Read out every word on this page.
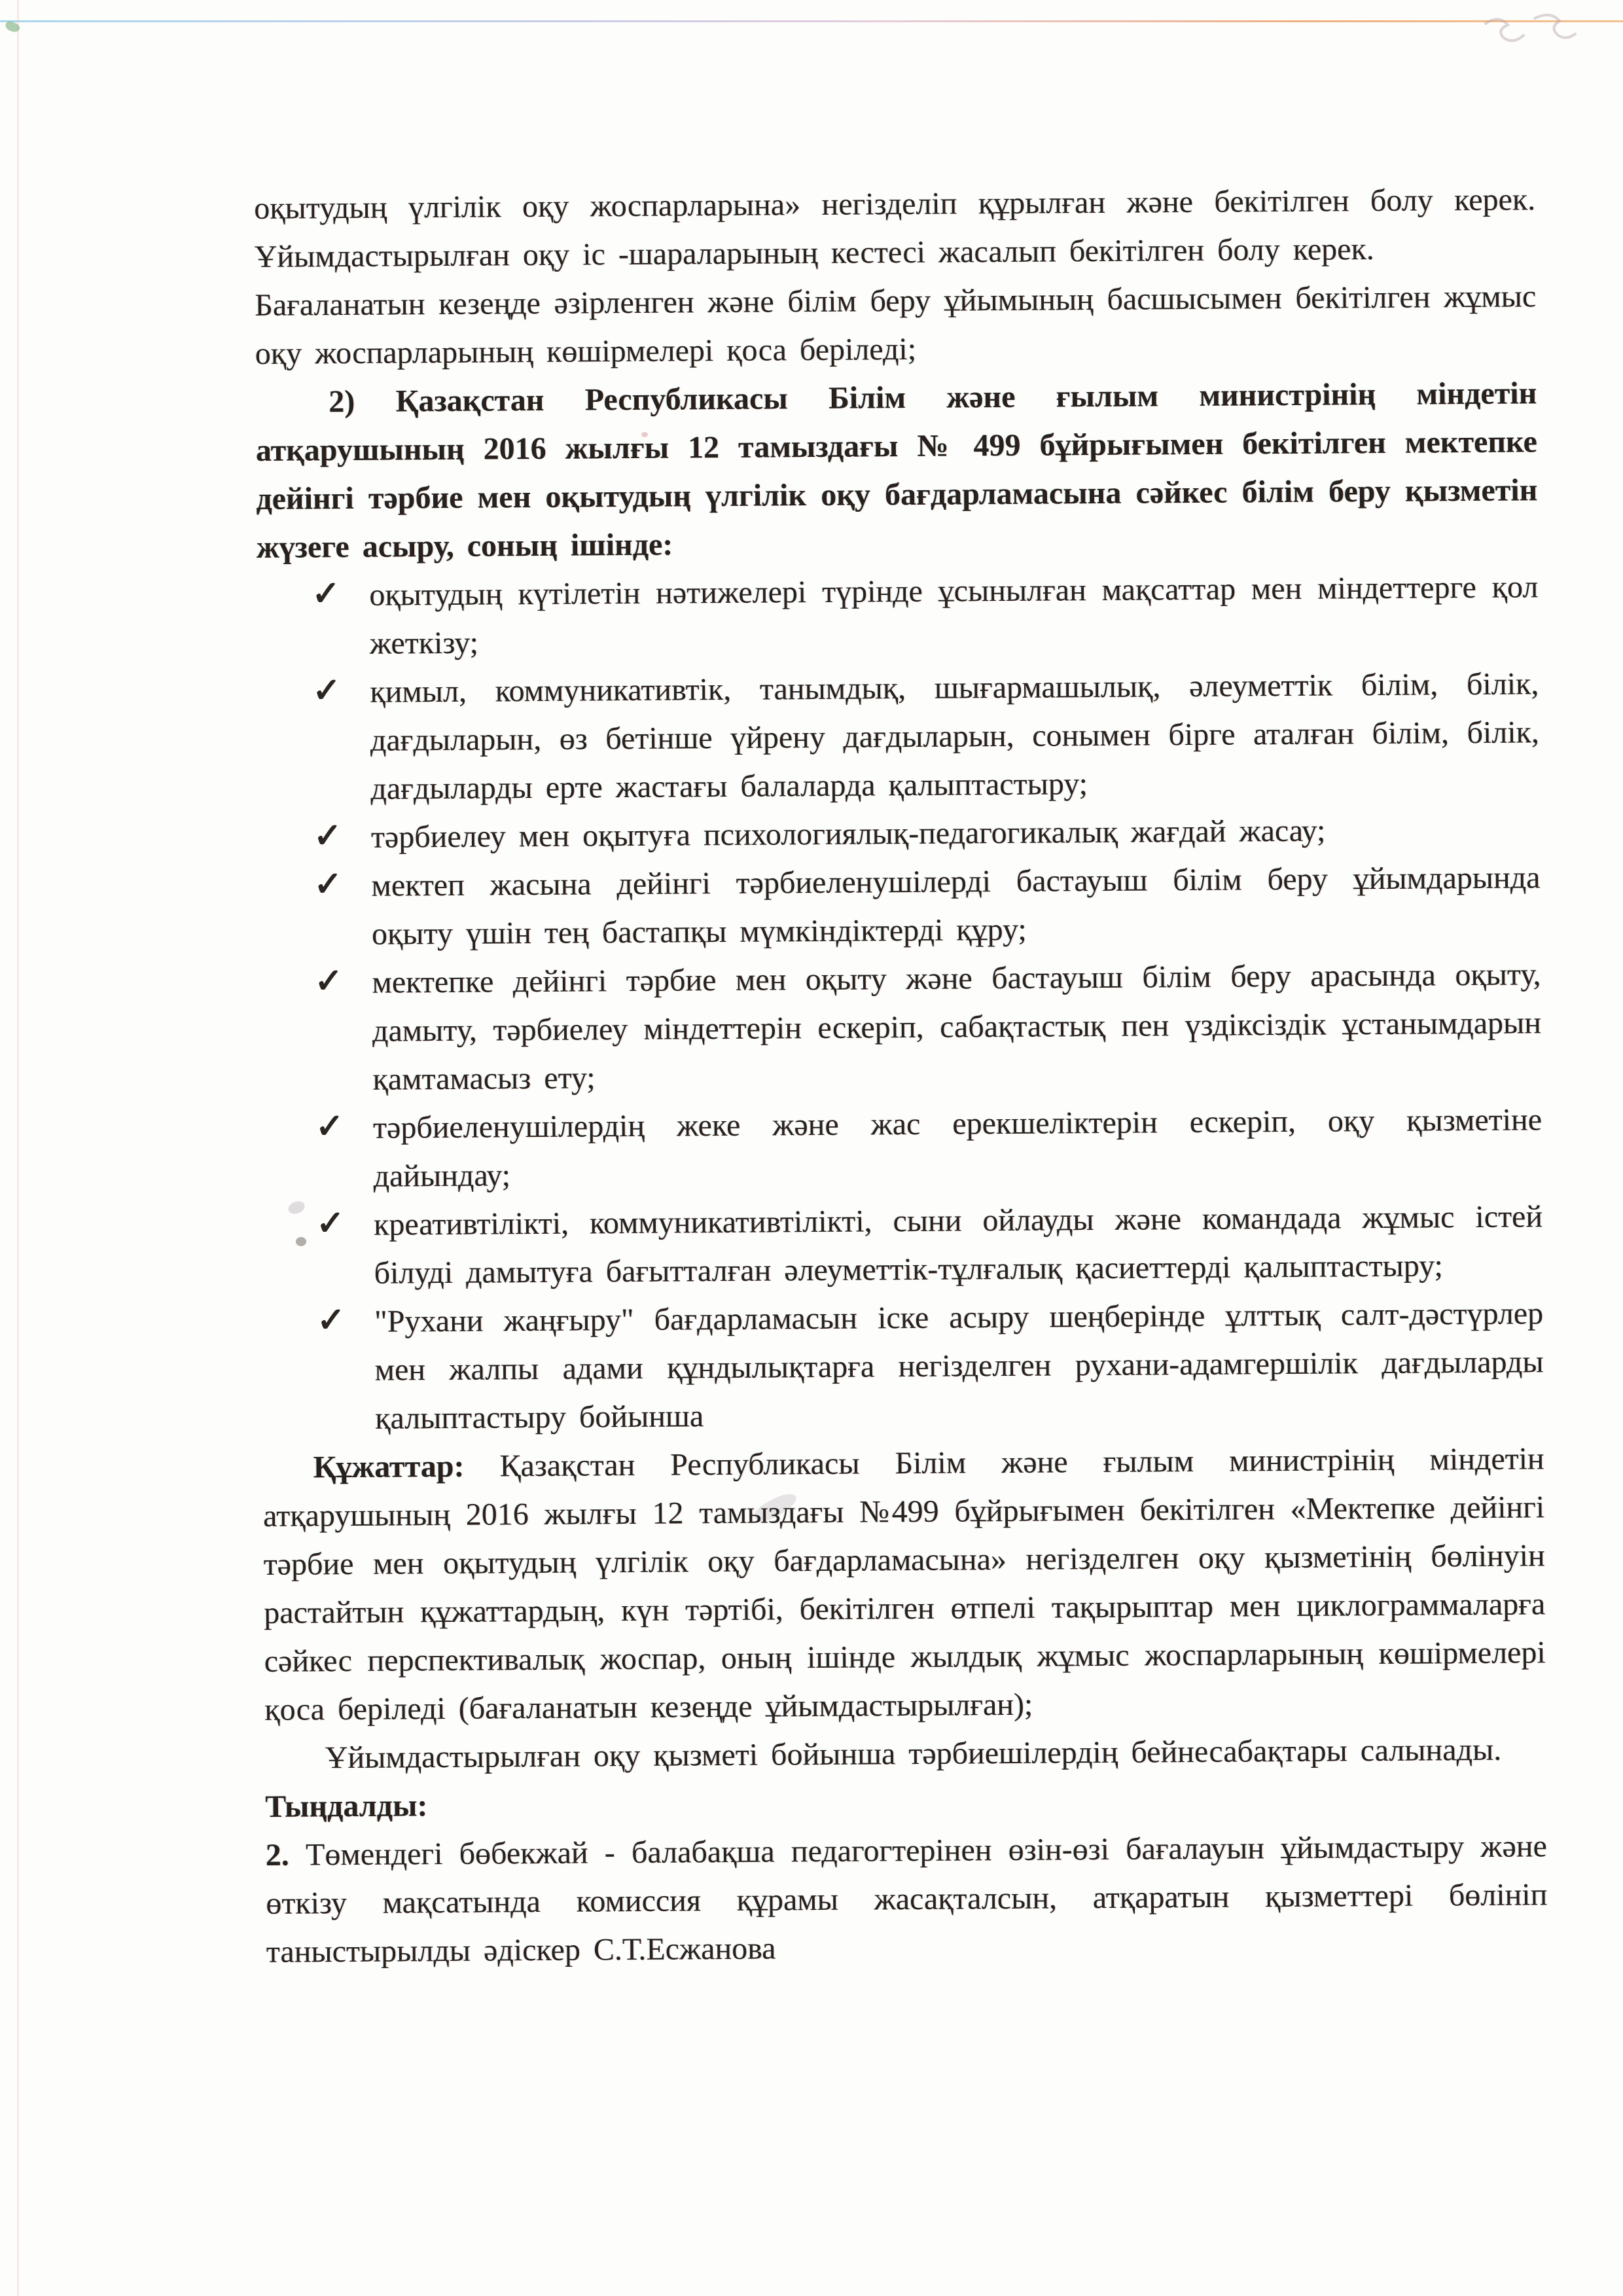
оқытудың үлгілік оқу жоспарларына» негізделіп құрылған және бекітілген болу керек. Ұйымдастырылған оқу іс -шараларының кестесі жасалып бекітілген болу керек.
Бағаланатын кезеңде әзірленген және білім беру ұйымының басшысымен бекітілген жұмыс оқу жоспарларының көшірмелері қоса беріледі;
2) Қазақстан Республикасы Білім және ғылым министрінің міндетін атқарушының 2016 жылғы 12 тамыздағы № 499 бұйрығымен бекітілген мектепке дейінгі тәрбие мен оқытудың үлгілік оқу бағдарламасына сәйкес білім беру қызметін жүзеге асыру, соның ішінде:
✓ оқытудың күтілетін нәтижелері түрінде ұсынылған мақсаттар мен міндеттерге қол жеткізу;
✓ қимыл, коммуникативтік, танымдық, шығармашылық, әлеуметтік білім, білік, дағдыларын, өз бетінше үйрену дағдыларын, сонымен бірге аталған білім, білік, дағдыларды ерте жастағы балаларда қалыптастыру;
✓ тәрбиелеу мен оқытуға психологиялық-педагогикалық жағдай жасау;
✓ мектеп жасына дейінгі тәрбиеленушілерді бастауыш білім беру ұйымдарында оқыту үшін тең бастапқы мүмкіндіктерді құру;
✓ мектепке дейінгі тәрбие мен оқыту және бастауыш білім беру арасында оқыту, дамыту, тәрбиелеу міндеттерін ескеріп, сабақтастық пен үздіксіздік ұстанымдарын қамтамасыз ету;
✓ тәрбиеленушілердің жеке және жас ерекшеліктерін ескеріп, оқу қызметіне дайындау;
✓ креативтілікті, коммуникативтілікті, сыни ойлауды және командада жұмыс істей білуді дамытуға бағытталған әлеуметтік-тұлғалық қасиеттерді қалыптастыру;
✓ "Рухани жаңғыру" бағдарламасын іске асыру шеңберінде ұлттық салт-дәстүрлер мен жалпы адами құндылықтарға негізделген рухани-адамгершілік дағдыларды қалыптастыру бойынша
Құжаттар: Қазақстан Республикасы Білім және ғылым министрінің міндетін атқарушының 2016 жылғы 12 тамыздағы №499 бұйрығымен бекітілген «Мектепке дейінгі тәрбие мен оқытудың үлгілік оқу бағдарламасына» негізделген оқу қызметінің бөлінуін растайтын құжаттардың, күн тәртібі, бекітілген өтпелі тақырыптар мен циклограммаларға сәйкес перспективалық жоспар, оның ішінде жылдық жұмыс жоспарларының көшірмелері қоса беріледі (бағаланатын кезеңде ұйымдастырылған);
Ұйымдастырылған оқу қызметі бойынша тәрбиешілердің бейнесабақтары салынады.
Тыңдалды:
2. Төмендегі бөбекжай - балабақша педагогтерінен өзін-өзі бағалауын ұйымдастыру және өткізу мақсатында комиссия құрамы жасақталсын, атқаратын қызметтері бөлініп таныстырылды әдіскер С.Т.Есжанова
